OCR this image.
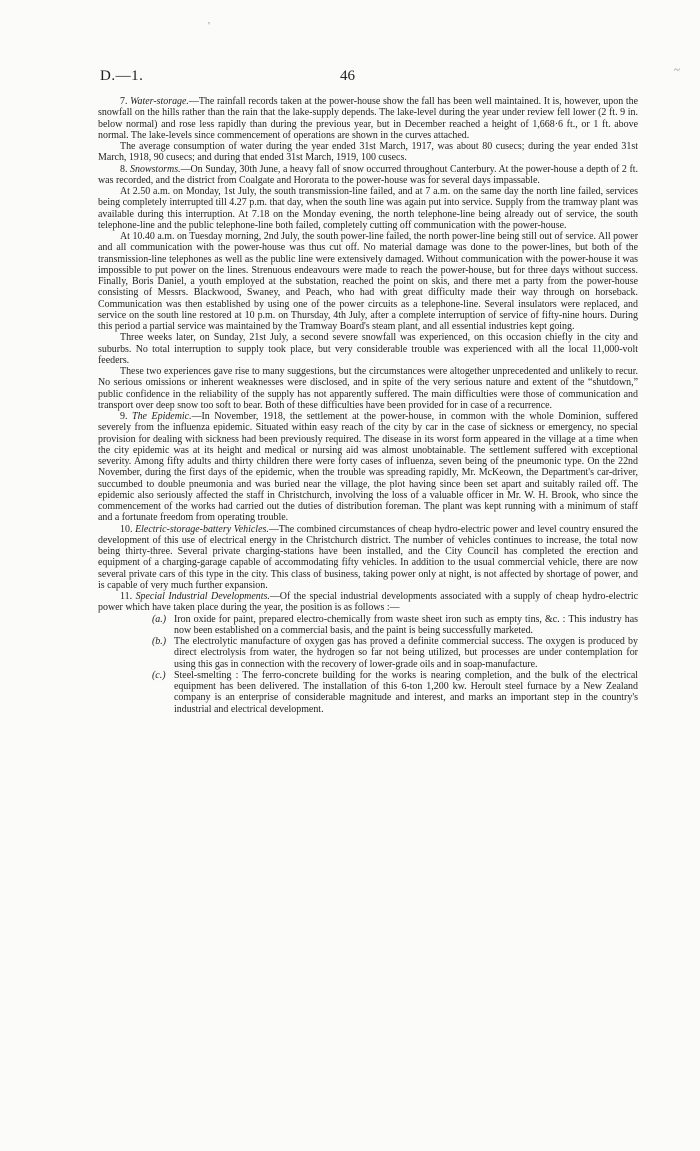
D.—1.	46

7. Water-storage.—The rainfall records taken at the power-house show the fall has been well maintained. It is, however, upon the snowfall on the hills rather than the rain that the lake-supply depends. The lake-level during the year under review fell lower (2 ft. 9 in. below normal) and rose less rapidly than during the previous year, but in December reached a height of 1,668·6 ft., or 1 ft. above normal. The lake-levels since commencement of operations are shown in the curves attached.

The average consumption of water during the year ended 31st March, 1917, was about 80 cusecs; during the year ended 31st March, 1918, 90 cusecs; and during that ended 31st March, 1919, 100 cusecs.

8. Snowstorms.—On Sunday, 30th June, a heavy fall of snow occurred throughout Canterbury. At the power-house a depth of 2 ft. was recorded, and the district from Coalgate and Hororata to the power-house was for several days impassable.

At 2.50 a.m. on Monday, 1st July, the south transmission-line failed, and at 7 a.m. on the same day the north line failed, services being completely interrupted till 4.27 p.m. that day, when the south line was again put into service. Supply from the tramway plant was available during this interruption. At 7.18 on the Monday evening, the north telephone-line being already out of service, the south telephone-line and the public telephone-line both failed, completely cutting off communication with the power-house.

At 10.40 a.m. on Tuesday morning, 2nd July, the south power-line failed, the north power-line being still out of service. All power and all communication with the power-house was thus cut off. No material damage was done to the power-lines, but both of the transmission-line telephones as well as the public line were extensively damaged. Without communication with the power-house it was impossible to put power on the lines. Strenuous endeavours were made to reach the power-house, but for three days without success. Finally, Boris Daniel, a youth employed at the substation, reached the point on skis, and there met a party from the power-house consisting of Messrs. Blackwood, Swaney, and Peach, who had with great difficulty made their way through on horseback. Communication was then established by using one of the power circuits as a telephone-line. Several insulators were replaced, and service on the south line restored at 10 p.m. on Thursday, 4th July, after a complete interruption of service of fifty-nine hours. During this period a partial service was maintained by the Tramway Board's steam plant, and all essential industries kept going.

Three weeks later, on Sunday, 21st July, a second severe snowfall was experienced, on this occasion chiefly in the city and suburbs. No total interruption to supply took place, but very considerable trouble was experienced with all the local 11,000-volt feeders.

These two experiences gave rise to many suggestions, but the circumstances were altogether unprecedented and unlikely to recur. No serious omissions or inherent weaknesses were disclosed, and in spite of the very serious nature and extent of the “shutdown,” public confidence in the reliability of the supply has not apparently suffered. The main difficulties were those of communication and transport over deep snow too soft to bear. Both of these difficulties have been provided for in case of a recurrence.

9. The Epidemic.—In November, 1918, the settlement at the power-house, in common with the whole Dominion, suffered severely from the influenza epidemic. Situated within easy reach of the city by car in the case of sickness or emergency, no special provision for dealing with sickness had been previously required. The disease in its worst form appeared in the village at a time when the city epidemic was at its height and medical or nursing aid was almost unobtainable. The settlement suffered with exceptional severity. Among fifty adults and thirty children there were forty cases of influenza, seven being of the pneumonic type. On the 22nd November, during the first days of the epidemic, when the trouble was spreading rapidly, Mr. McKeown, the Department's car-driver, succumbed to double pneumonia and was buried near the village, the plot having since been set apart and suitably railed off. The epidemic also seriously affected the staff in Christchurch, involving the loss of a valuable officer in Mr. W. H. Brook, who since the commencement of the works had carried out the duties of distribution foreman. The plant was kept running with a minimum of staff and a fortunate freedom from operating trouble.

10. Electric-storage-battery Vehicles.—The combined circumstances of cheap hydro-electric power and level country ensured the development of this use of electrical energy in the Christchurch district. The number of vehicles continues to increase, the total now being thirty-three. Several private charging-stations have been installed, and the City Council has completed the erection and equipment of a charging-garage capable of accommodating fifty vehicles. In addition to the usual commercial vehicle, there are now several private cars of this type in the city. This class of business, taking power only at night, is not affected by shortage of power, and is capable of very much further expansion.

11. Special Industrial Developments.—Of the special industrial developments associated with a supply of cheap hydro-electric power which have taken place during the year, the position is as follows :—

(a.) Iron oxide for paint, prepared electro-chemically from waste sheet iron such as empty tins, &c. : This industry has now been established on a commercial basis, and the paint is being successfully marketed.
(b.) The electrolytic manufacture of oxygen gas has proved a definite commercial success. The oxygen is produced by direct electrolysis from water, the hydrogen so far not being utilized, but processes are under contemplation for using this gas in connection with the recovery of lower-grade oils and in soap-manufacture.
(c.) Steel-smelting : The ferro-concrete building for the works is nearing completion, and the bulk of the electrical equipment has been delivered. The installation of this 6-ton 1,200 kw. Heroult steel furnace by a New Zealand company is an enterprise of considerable magnitude and interest, and marks an important step in the country's industrial and electrical development.
'
~
